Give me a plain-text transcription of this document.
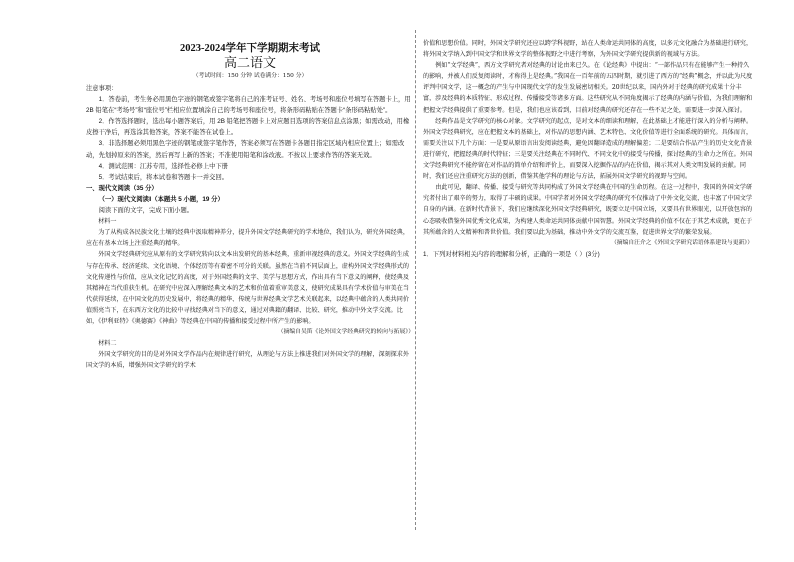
2023-2024学年下学期期末考试
高二语文
（考试时间：150 分钟 试卷满分：150 分）

注意事项：

1．答卷前，考生务必用黑色字迹的钢笔或签字笔将自己的准考证号、姓名、考场号和座位号填写在答题卡上，用 2B 铅笔在“考场号”和“座位号”栏相应位置填涂自己的考场号和座位号，将条形码粘贴在答题卡“条形码粘贴处”。

2．作答选择题时，选出每小题答案后，用 2B 铅笔把答题卡上对应题目选项的答案信息点涂黑；如需改动，用橡皮擦干净后，再选涂其他答案，答案不能答在试卷上。

3．非选择题必须用黑色字迹的钢笔或签字笔作答，答案必须写在答题卡各题目指定区域内相应位置上；如需改动，先划掉原来的答案，然后再写上新的答案；不准使用铅笔和涂改液。不按以上要求作答的答案无效。

4．测试范围：江苏专用，选择性必修上中下册

5．考试结束后，将本试卷和答题卡一并交回。

一、现代文阅读（35 分）

（一）现代文阅读Ⅰ（本题共 5 小题，19 分）

阅读下面的文字，完成下面小题。

材料一

为了从构成各民族文化土壤的经典中汲取精神养分，提升外国文学经典研究的学术地位，我们认为，研究外国经典，应在有基本立场上注重经典的精华。

外国文学经典研究应从原有的文学研究转向以文本出发研究的基本经典，重新审视经典的意义。外国文学经典的生成与存在传承、经济延续、文化语境、个体经历等有着密不可分的关联。虽然在当前不同层面上，虚构外国文学经典形式的文化传递性与价值，应从文化记忆的高度，对于外国经典的文字、美学与思想方式，作出具有当下意义的阐释，使经典及其精神在当代重获生机。在研究中应深入理解经典文本的艺术和价值着重审美意义，使研究成果具有学术价值与审美在当代获得延续，在中国文化的历史发展中，将经典的精华、传统与世界经典文学艺术关联起来，以经典中蕴含的人类共同价值照亮当下，在东西方文化的比较中寻找经典对当下的意义，通过对典籍的翻译、比较、研究，推动中外文学交流。比如，《伊利亚特》《奥德赛》《神曲》等经典在中国的传播和接受过程中所产生的影响。

（摘编自吴笛《论外国文学经典研究的转向与拓展》）

材料二

外国文学研究的目的是对外国文学作品内在规律进行研究，从理论与方法上推进我们对外国文学的理解，深刻探求外国文学的本质，增强外国文学研究的学术

价值和思想价值。同时，外国文学研究还应以跨学科视野，站在人类命运共同体的高度，以多元文化融合为基础进行研究，将外国文学纳入到中国文学和世界文学的整体视野之中进行考察，为外国文学研究提供新的视域与方法。

例如“文学经典”，西方文学研究者对经典的讨论由来已久。在《论经典》中提出：“一部作品只有在能够产生一种持久的影响，并被人们反复阅读时，才称得上是经典。”我国在一百年前的五四时期，就引进了西方的“经典”概念，并以此为尺度评判中国文学，这一概念的产生与中国现代文学的发生发展密切相关。20世纪以来，国内外对于经典的研究成果十分丰富，涉及经典的本质特征、形成过程、传播接受等诸多方面。这些研究从不同角度揭示了经典的内涵与价值，为我们理解和把握文学经典提供了重要参考。但是，我们也应该看到，目前对经典的研究还存在一些不足之处，需要进一步深入探讨。

经典作品是文学研究的核心对象。文学研究的起点，是对文本的细读和理解，在此基础上才能进行深入的分析与阐释。外国文学经典研究，应在把握文本的基础上，对作品的思想内涵、艺术特色、文化价值等进行全面系统的研究。具体而言，需要关注以下几个方面：一是要从原语言出发阅读经典，避免因翻译造成的理解偏差；二是要结合作品产生的历史文化背景进行研究，把握经典的时代特征；三是要关注经典在不同时代、不同文化中的接受与传播，探讨经典的生命力之所在。外国文学经典研究不能停留在对作品的简单介绍和评价上，而要深入挖掘作品的内在价值，揭示其对人类文明发展的贡献。同时，我们还应注重研究方法的创新，借鉴其他学科的理论与方法，拓展外国文学研究的视野与空间。

由此可见，翻译、传播、接受与研究等共同构成了外国文学经典在中国的生命历程。在这一过程中，我国的外国文学研究者付出了艰辛的努力，取得了丰硕的成果。中国学者对外国文学经典的研究不仅推动了中外文化交流，也丰富了中国文学自身的内涵。在新时代背景下，我们应继续深化外国文学经典研究，既要立足中国立场，又要具有世界眼光，以开放包容的心态吸收借鉴外国优秀文化成果，为构建人类命运共同体贡献中国智慧。外国文学经典的价值不仅在于其艺术成就，更在于其所蕴含的人文精神和普世价值。我们要以此为基础，推动中外文学的交流互鉴，促进世界文学的繁荣发展。

（摘编自汪介之《外国文学研究话语体系建设与更新》）

1．下列对材料相关内容的理解和分析，正确的一项是（ ）(3分)
